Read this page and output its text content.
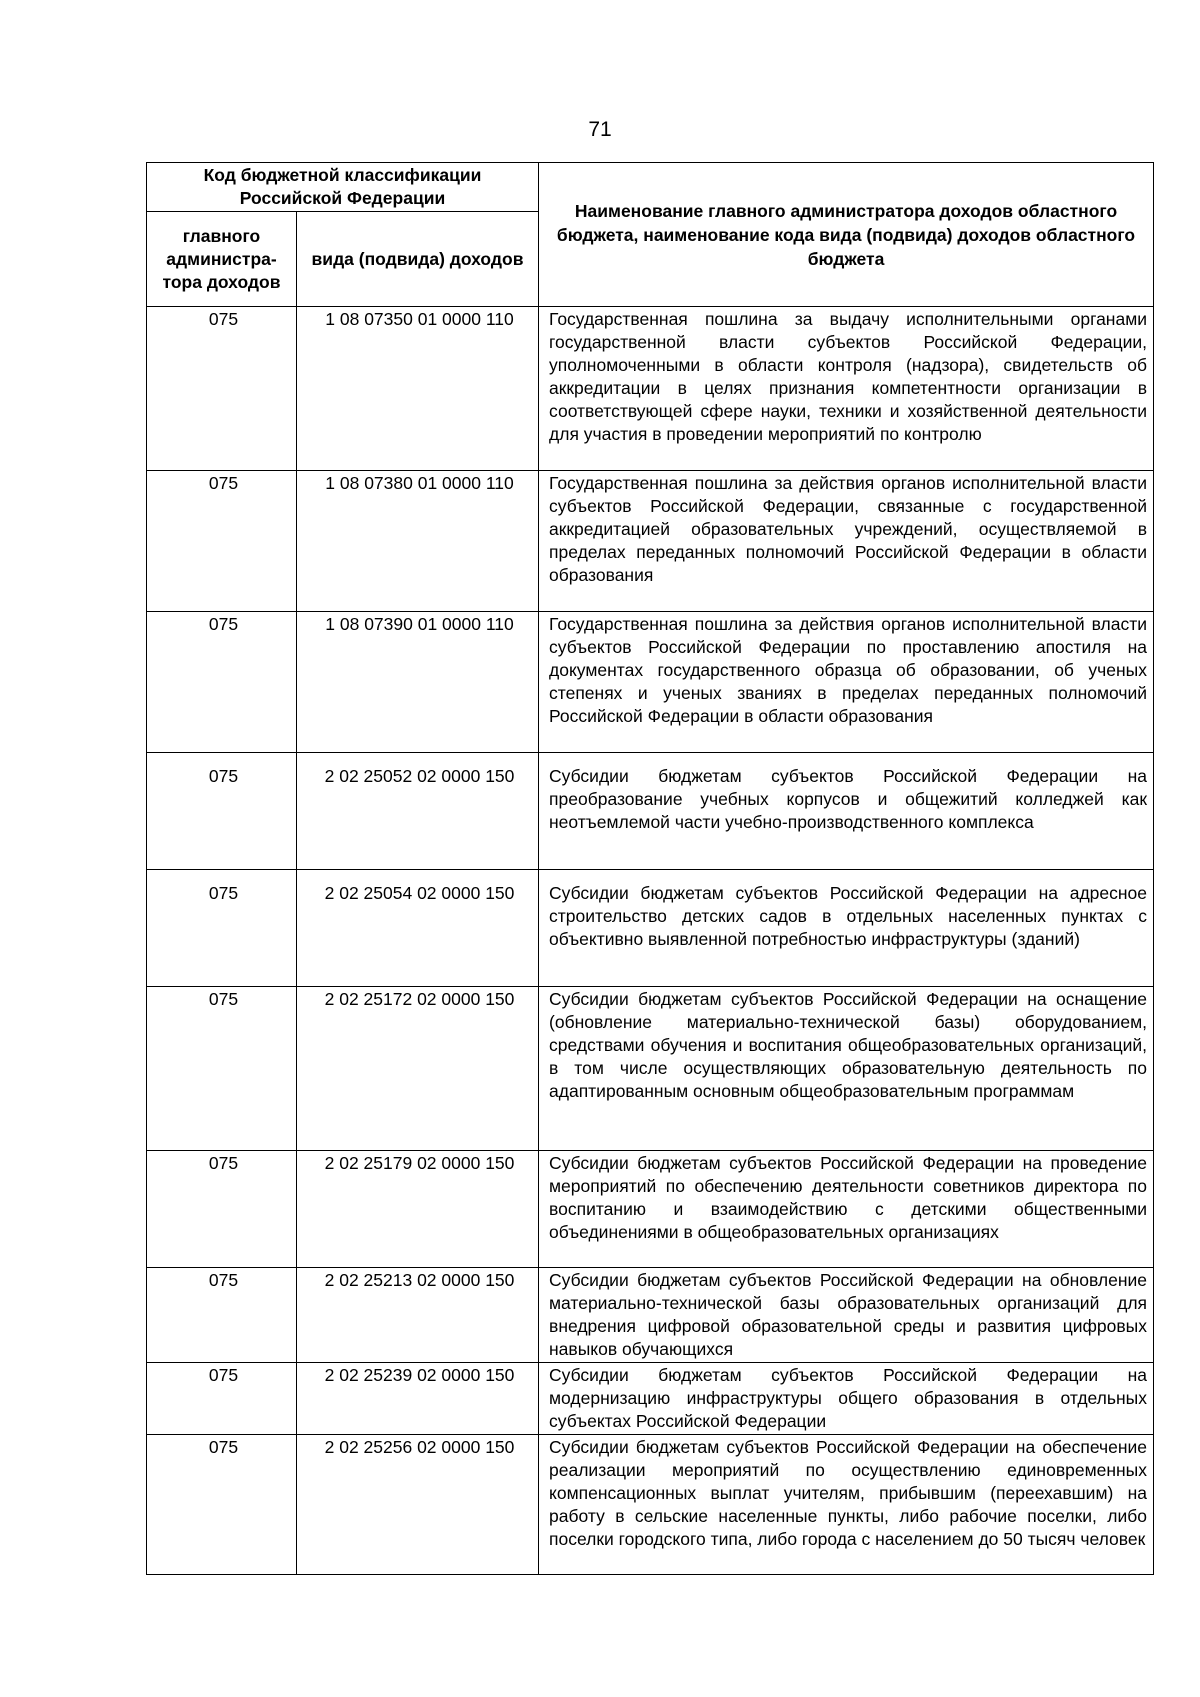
71
Код бюджетной классификации Российской Федерации		Наименование главного администратора доходов областного бюджета, наименование кода вида (подвида) доходов областного бюджета
главного администра-тора доходов	вида (подвида) доходов	
075	1 08 07350 01 0000 110	Государственная пошлина за выдачу исполнительными органами государственной власти субъектов Российской Федерации, уполномоченными в области контроля (надзора), свидетельств об аккредитации в целях признания компетентности организации в соответствующей сфере науки, техники и хозяйственной деятельности для участия в проведении мероприятий по контролю
075	1 08 07380 01 0000 110	Государственная пошлина за действия органов исполнительной власти субъектов Российской Федерации, связанные с государственной аккредитацией образовательных учреждений, осуществляемой в пределах переданных полномочий Российской Федерации в области образования
075	1 08 07390 01 0000 110	Государственная пошлина за действия органов исполнительной власти субъектов Российской Федерации по проставлению апостиля на документах государственного образца об образовании, об ученых степенях и ученых званиях в пределах переданных полномочий Российской Федерации в области образования
075	2 02 25052 02 0000 150	Субсидии бюджетам субъектов Российской Федерации на преобразование учебных корпусов и общежитий колледжей как неотъемлемой части учебно-производственного комплекса
075	2 02 25054 02 0000 150	Субсидии бюджетам субъектов Российской Федерации на адресное строительство детских садов в отдельных населенных пунктах с объективно выявленной потребностью инфраструктуры (зданий)
075	2 02 25172 02 0000 150	Субсидии бюджетам субъектов Российской Федерации на оснащение (обновление материально-технической базы) оборудованием, средствами обучения и воспитания общеобразовательных организаций, в том числе осуществляющих образовательную деятельность по адаптированным основным общеобразовательным программам
075	2 02 25179 02 0000 150	Субсидии бюджетам субъектов Российской Федерации на проведение мероприятий по обеспечению деятельности советников директора по воспитанию и взаимодействию с детскими общественными объединениями в общеобразовательных организациях
075	2 02 25213 02 0000 150	Субсидии бюджетам субъектов Российской Федерации на обновление материально-технической базы образовательных организаций для внедрения цифровой образовательной среды и развития цифровых навыков обучающихся
075	2 02 25239 02 0000 150	Субсидии бюджетам субъектов Российской Федерации на модернизацию инфраструктуры общего образования в отдельных субъектах Российской Федерации
075	2 02 25256 02 0000 150	Субсидии бюджетам субъектов Российской Федерации на обеспечение реализации мероприятий по осуществлению единовременных компенсационных выплат учителям, прибывшим (переехавшим) на работу в сельские населенные пункты, либо рабочие поселки, либо поселки городского типа, либо города с населением до 50 тысяч человек
